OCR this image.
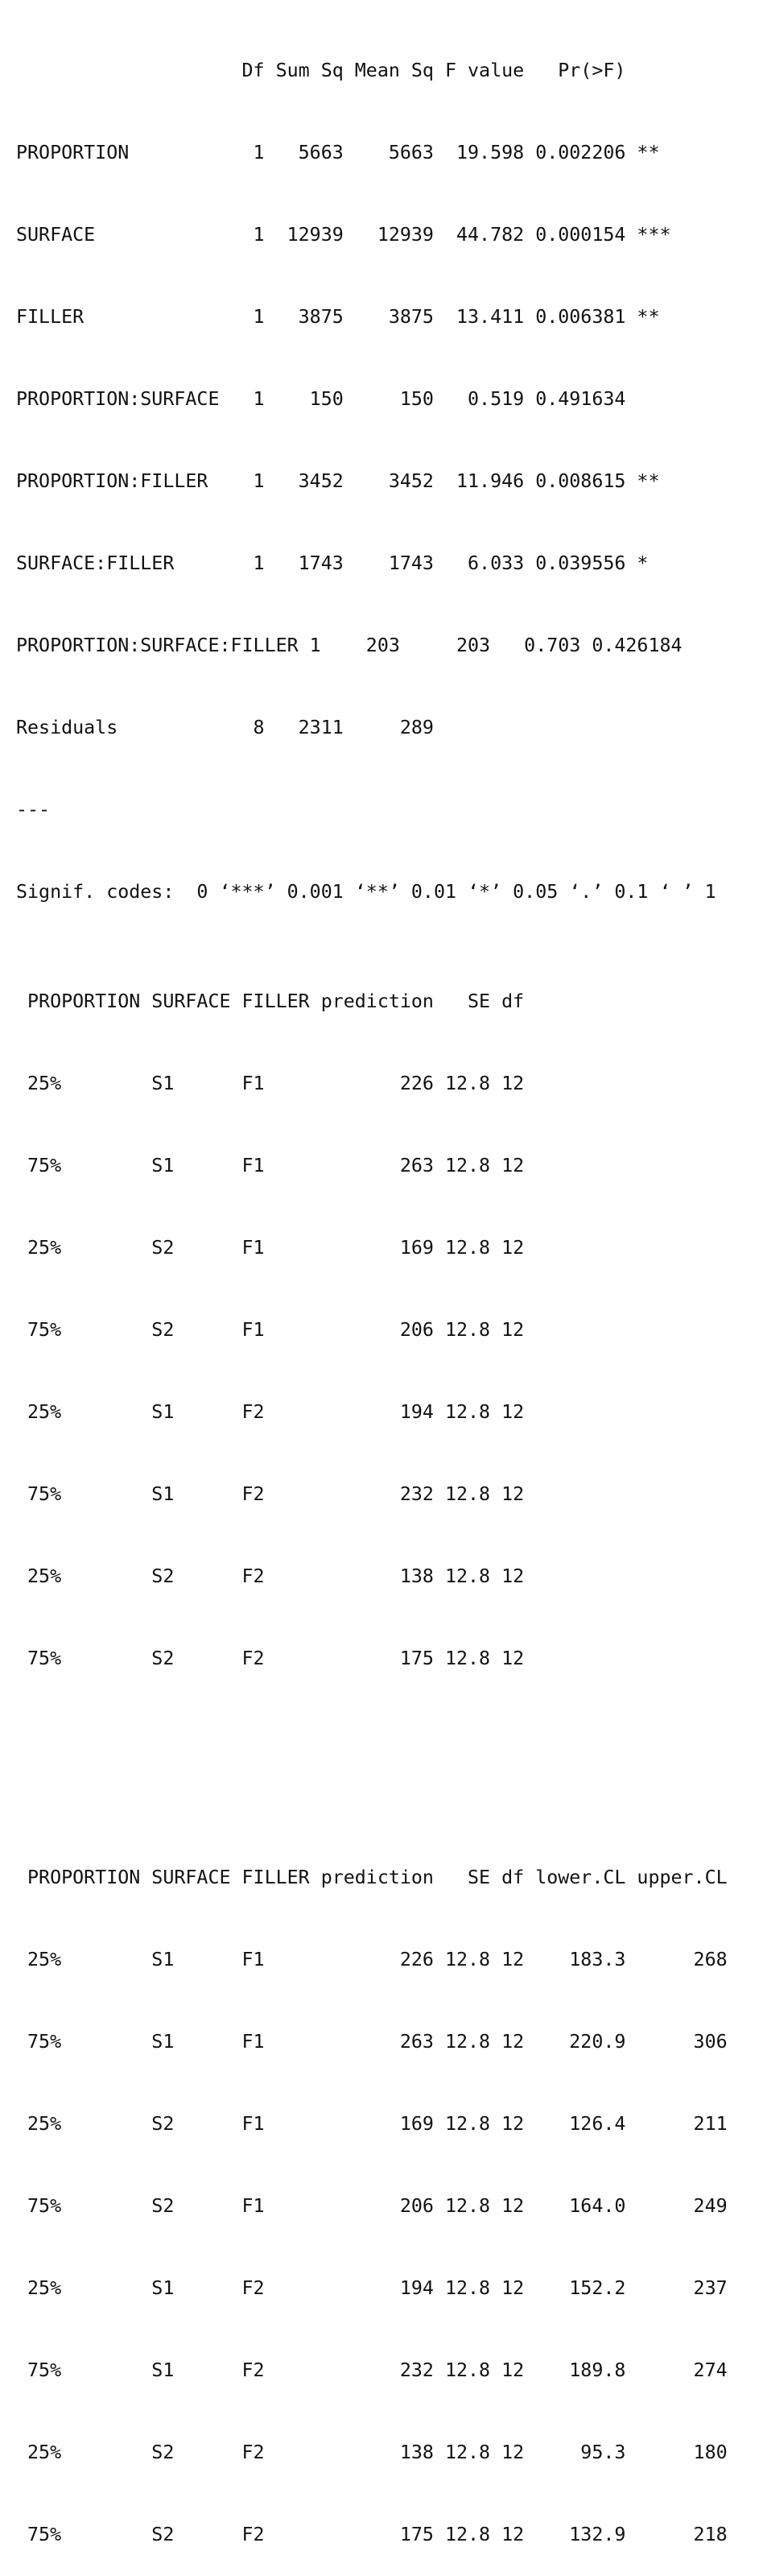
Df Sum Sq Mean Sq F value   Pr(>F)

PROPORTION           1   5663    5663  19.598 0.002206 **

SURFACE              1  12939   12939  44.782 0.000154 ***

FILLER               1   3875    3875  13.411 0.006381 **

PROPORTION:SURFACE   1    150     150   0.519 0.491634

PROPORTION:FILLER    1   3452    3452  11.946 0.008615 **

SURFACE:FILLER       1   1743    1743   6.033 0.039556 *

PROPORTION:SURFACE:FILLER 1    203     203   0.703 0.426184

Residuals            8   2311     289

---

Signif. codes:  0 ‘***’ 0.001 ‘**’ 0.01 ‘*’ 0.05 ‘.’ 0.1 ‘ ’ 1

PROPORTION SURFACE FILLER prediction   SE df

25%        S1      F1            226 12.8 12

75%        S1      F1            263 12.8 12

25%        S2      F1            169 12.8 12

75%        S2      F1            206 12.8 12

25%        S1      F2            194 12.8 12

75%        S1      F2            232 12.8 12

25%        S2      F2            138 12.8 12

75%        S2      F2            175 12.8 12

PROPORTION SURFACE FILLER prediction   SE df lower.CL upper.CL

25%        S1      F1            226 12.8 12    183.3      268

75%        S1      F1            263 12.8 12    220.9      306

25%        S2      F1            169 12.8 12    126.4      211

75%        S2      F1            206 12.8 12    164.0      249

25%        S1      F2            194 12.8 12    152.2      237

75%        S1      F2            232 12.8 12    189.8      274

25%        S2      F2            138 12.8 12     95.3      180

75%        S2      F2            175 12.8 12    132.9      218
